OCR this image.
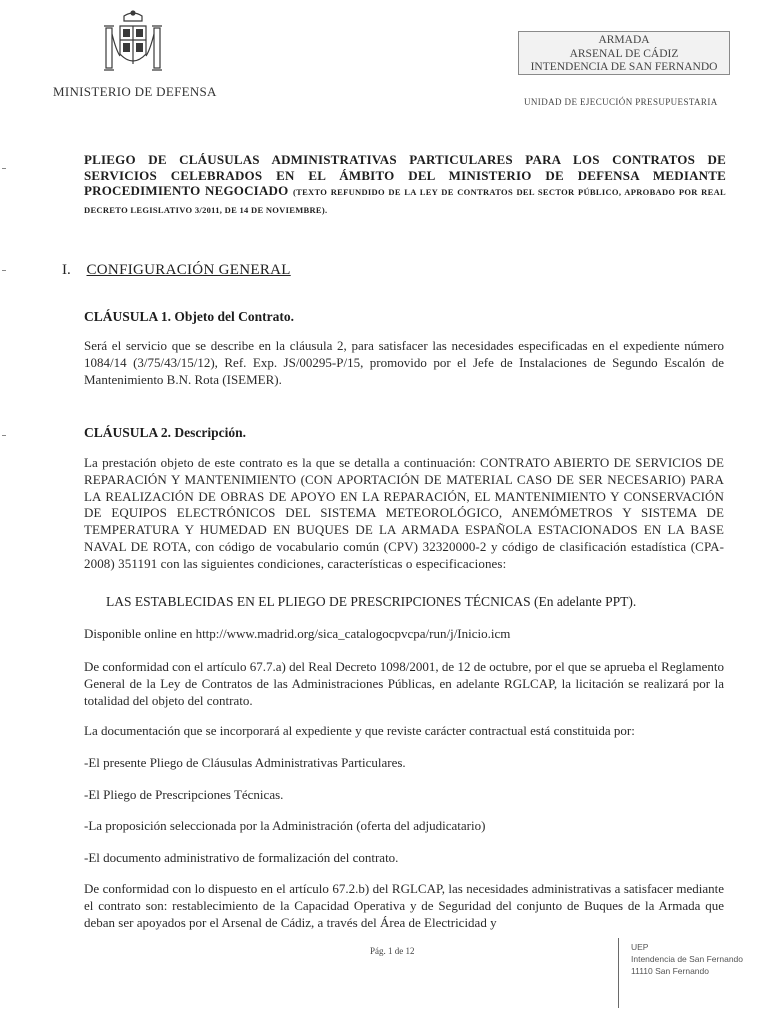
MINISTERIO DE DEFENSA
ARMADA
ARSENAL DE CÁDIZ
INTENDENCIA DE SAN FERNANDO
UNIDAD DE EJECUCIÓN PRESUPUESTARIA
PLIEGO DE CLÁUSULAS ADMINISTRATIVAS PARTICULARES PARA LOS CONTRATOS DE SERVICIOS CELEBRADOS EN EL ÁMBITO DEL MINISTERIO DE DEFENSA MEDIANTE PROCEDIMIENTO NEGOCIADO (TEXTO REFUNDIDO DE LA LEY DE CONTRATOS DEL SECTOR PÚBLICO, APROBADO POR REAL DECRETO LEGISLATIVO 3/2011, DE 14 DE NOVIEMBRE).
I. CONFIGURACIÓN GENERAL
CLÁUSULA 1. Objeto del Contrato.
Será el servicio que se describe en la cláusula 2, para satisfacer las necesidades especificadas en el expediente número 1084/14 (3/75/43/15/12), Ref. Exp. JS/00295-P/15, promovido por el Jefe de Instalaciones de Segundo Escalón de Mantenimiento B.N. Rota (ISEMER).
CLÁUSULA 2. Descripción.
La prestación objeto de este contrato es la que se detalla a continuación: CONTRATO ABIERTO DE SERVICIOS DE REPARACIÓN Y MANTENIMIENTO (CON APORTACIÓN DE MATERIAL CASO DE SER NECESARIO) PARA LA REALIZACIÓN DE OBRAS DE APOYO EN LA REPARACIÓN, EL MANTENIMIENTO Y CONSERVACIÓN DE EQUIPOS ELECTRÓNICOS DEL SISTEMA METEOROLÓGICO, ANEMÓMETROS Y SISTEMA DE TEMPERATURA Y HUMEDAD EN BUQUES DE LA ARMADA ESPAÑOLA ESTACIONADOS EN LA BASE NAVAL DE ROTA, con código de vocabulario común (CPV) 32320000-2 y código de clasificación estadística (CPA-2008) 351191 con las siguientes condiciones, características o especificaciones:
LAS ESTABLECIDAS EN EL PLIEGO DE PRESCRIPCIONES TÉCNICAS (En adelante PPT).
Disponible online en http://www.madrid.org/sica_catalogocpvcpa/run/j/Inicio.icm
De conformidad con el artículo 67.7.a) del Real Decreto 1098/2001, de 12 de octubre, por el que se aprueba el Reglamento General de la Ley de Contratos de las Administraciones Públicas, en adelante RGLCAP, la licitación se realizará por la totalidad del objeto del contrato.
La documentación que se incorporará al expediente y que reviste carácter contractual está constituida por:
-El presente Pliego de Cláusulas Administrativas Particulares.
-El Pliego de Prescripciones Técnicas.
-La proposición seleccionada por la Administración (oferta del adjudicatario)
-El documento administrativo de formalización del contrato.
De conformidad con lo dispuesto en el artículo 67.2.b) del RGLCAP, las necesidades administrativas a satisfacer mediante el contrato son: restablecimiento de la Capacidad Operativa y de Seguridad del conjunto de Buques de la Armada que deban ser apoyados por el Arsenal de Cádiz, a través del Área de Electricidad y
Pág. 1 de 12	UEP
Intendencia de San Fernando
11110 San Fernando
